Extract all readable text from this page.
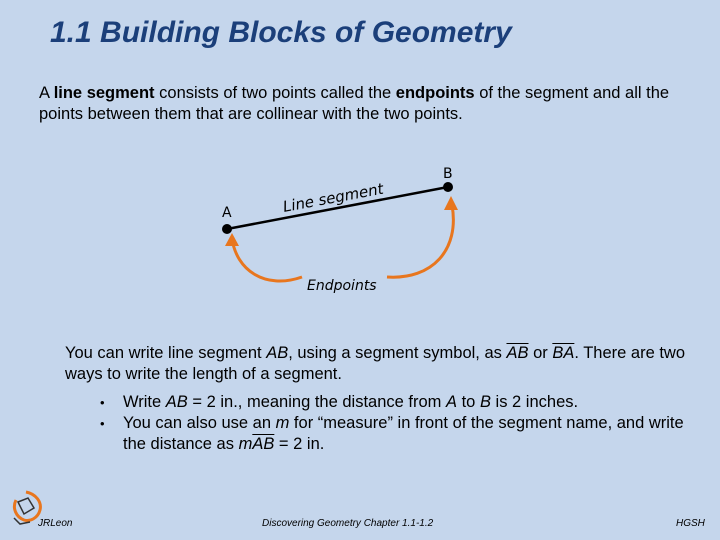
1.1 Building Blocks of Geometry
A line segment consists of two points called the endpoints of the segment and all the points between them that are collinear with the two points.
A
B
Line segment
Endpoints
You can write line segment AB, using a segment symbol, as $\overline{AB}$ or $\overline{BA}$. There are two ways to write the length of a segment.
• Write AB = 2 in., meaning the distance from A to B is 2 inches.
• You can also use an m for “measure” in front of the segment name, and write the distance as $m\overline{AB} = 2$ in.
JRLeon	Discovering Geometry Chapter 1.1-1.2	HGSH
